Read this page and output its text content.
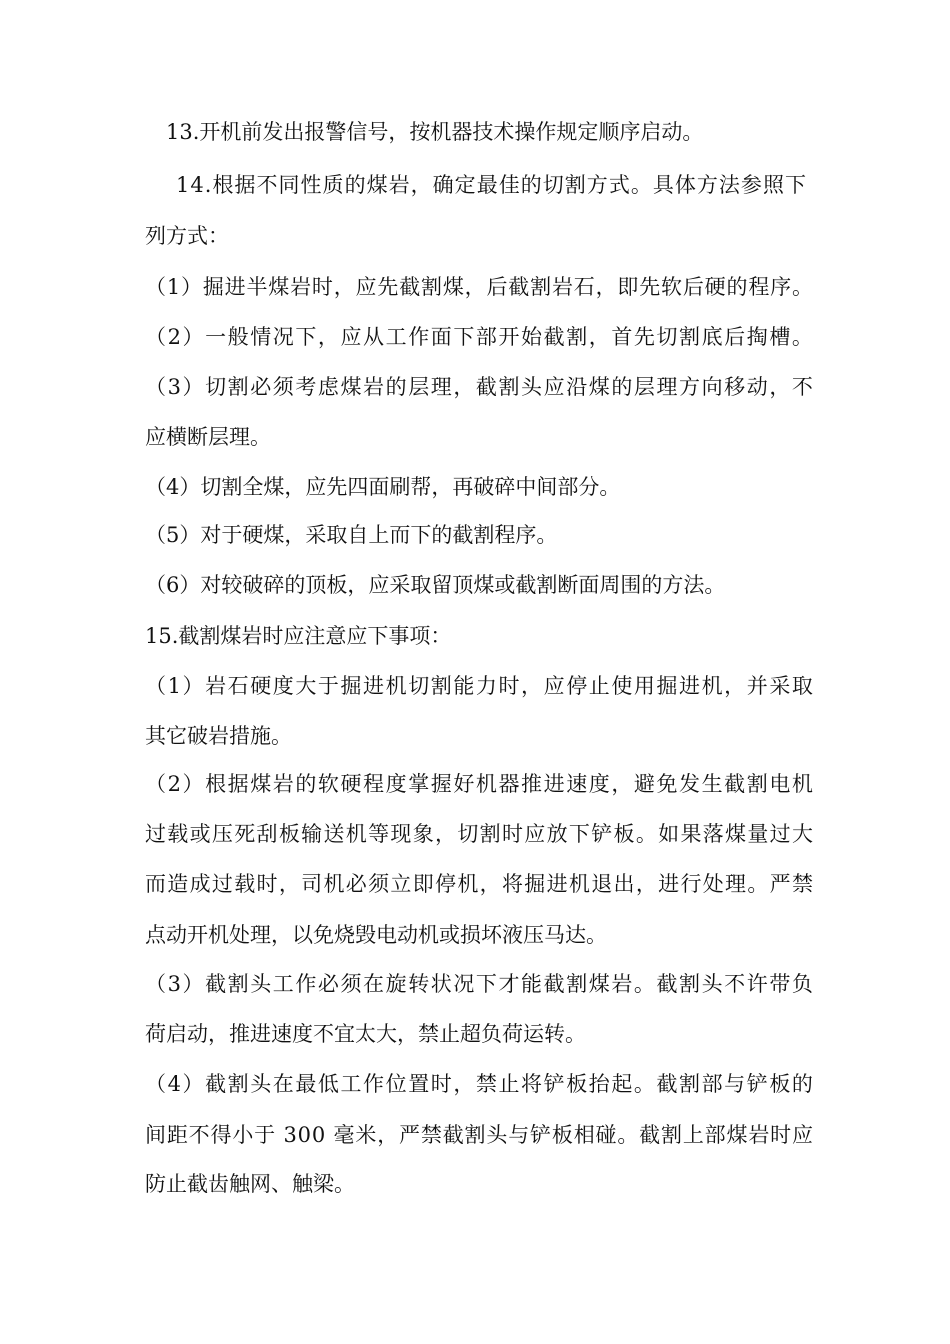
13.开机前发出报警信号，按机器技术操作规定顺序启动。
14.根据不同性质的煤岩，确定最佳的切割方式。具体方法参照下
列方式：
（1）掘进半煤岩时，应先截割煤，后截割岩石，即先软后硬的程序。
（2）一般情况下，应从工作面下部开始截割，首先切割底后掏槽。
（3）切割必须考虑煤岩的层理，截割头应沿煤的层理方向移动，不
应横断层理。
（4）切割全煤，应先四面刷帮，再破碎中间部分。
（5）对于硬煤，采取自上而下的截割程序。
（6）对较破碎的顶板，应采取留顶煤或截割断面周围的方法。
15.截割煤岩时应注意应下事项：
（1）岩石硬度大于掘进机切割能力时，应停止使用掘进机，并采取
其它破岩措施。
（2）根据煤岩的软硬程度掌握好机器推进速度，避免发生截割电机
过载或压死刮板输送机等现象，切割时应放下铲板。如果落煤量过大
而造成过载时，司机必须立即停机，将掘进机退出，进行处理。严禁
点动开机处理，以免烧毁电动机或损坏液压马达。
（3）截割头工作必须在旋转状况下才能截割煤岩。截割头不许带负
荷启动，推进速度不宜太大，禁止超负荷运转。
（4）截割头在最低工作位置时，禁止将铲板抬起。截割部与铲板的
间距不得小于 300 毫米，严禁截割头与铲板相碰。截割上部煤岩时应
防止截齿触网、触梁。
